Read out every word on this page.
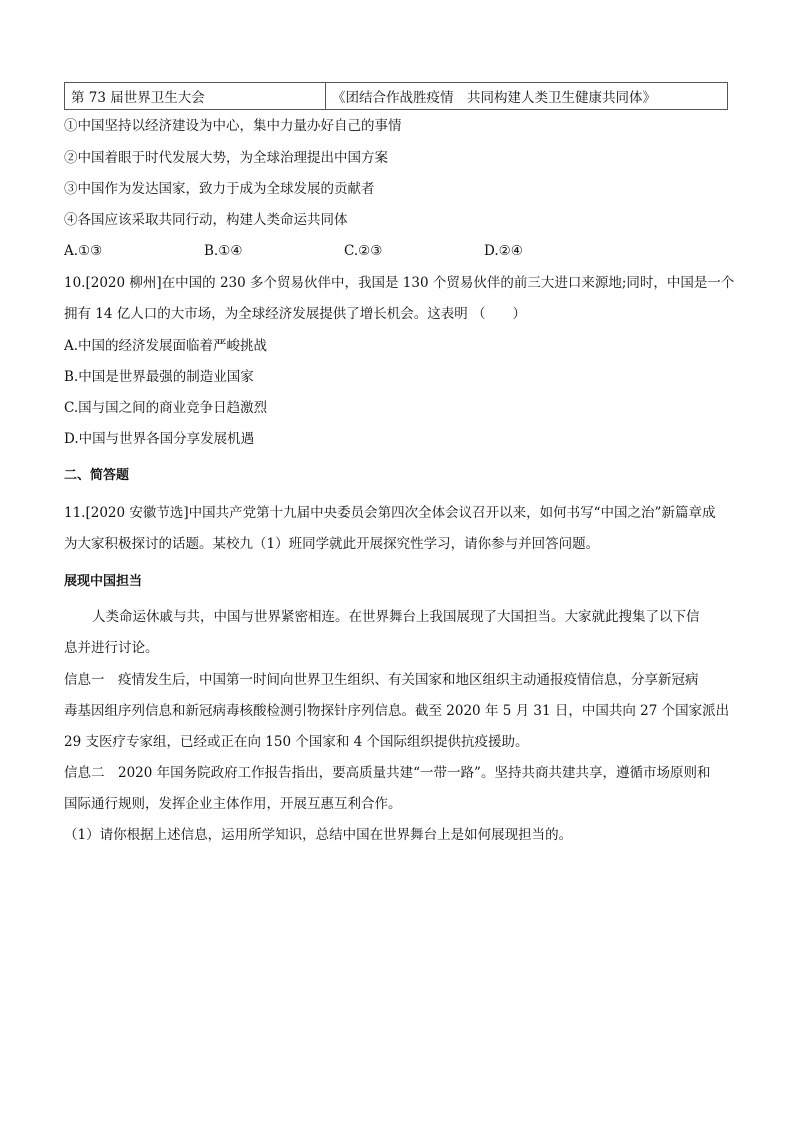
第 73 届世界卫生大会	《团结合作战胜疫情　共同构建人类卫生健康共同体》
①中国坚持以经济建设为中心，集中力量办好自己的事情
②中国着眼于时代发展大势，为全球治理提出中国方案
③中国作为发达国家，致力于成为全球发展的贡献者
④各国应该采取共同行动，构建人类命运共同体
A.①③	B.①④	C.②③	D.②④
10.[2020 柳州]在中国的 230 多个贸易伙伴中，我国是 130 个贸易伙伴的前三大进口来源地;同时，中国是一个
拥有 14 亿人口的大市场，为全球经济发展提供了增长机会。这表明 （　　）
A.中国的经济发展面临着严峻挑战
B.中国是世界最强的制造业国家
C.国与国之间的商业竞争日趋激烈
D.中国与世界各国分享发展机遇
二、简答题
11.[2020 安徽节选]中国共产党第十九届中央委员会第四次全体会议召开以来，如何书写“中国之治”新篇章成
为大家积极探讨的话题。某校九（1）班同学就此开展探究性学习，请你参与并回答问题。
展现中国担当
人类命运休戚与共，中国与世界紧密相连。在世界舞台上我国展现了大国担当。大家就此搜集了以下信
息并进行讨论。
信息一　疫情发生后，中国第一时间向世界卫生组织、有关国家和地区组织主动通报疫情信息，分享新冠病
毒基因组序列信息和新冠病毒核酸检测引物探针序列信息。截至 2020 年 5 月 31 日，中国共向 27 个国家派出
29 支医疗专家组，已经或正在向 150 个国家和 4 个国际组织提供抗疫援助。
信息二　2020 年国务院政府工作报告指出，要高质量共建“一带一路”。坚持共商共建共享，遵循市场原则和
国际通行规则，发挥企业主体作用，开展互惠互利合作。
（1）请你根据上述信息，运用所学知识，总结中国在世界舞台上是如何展现担当的。
